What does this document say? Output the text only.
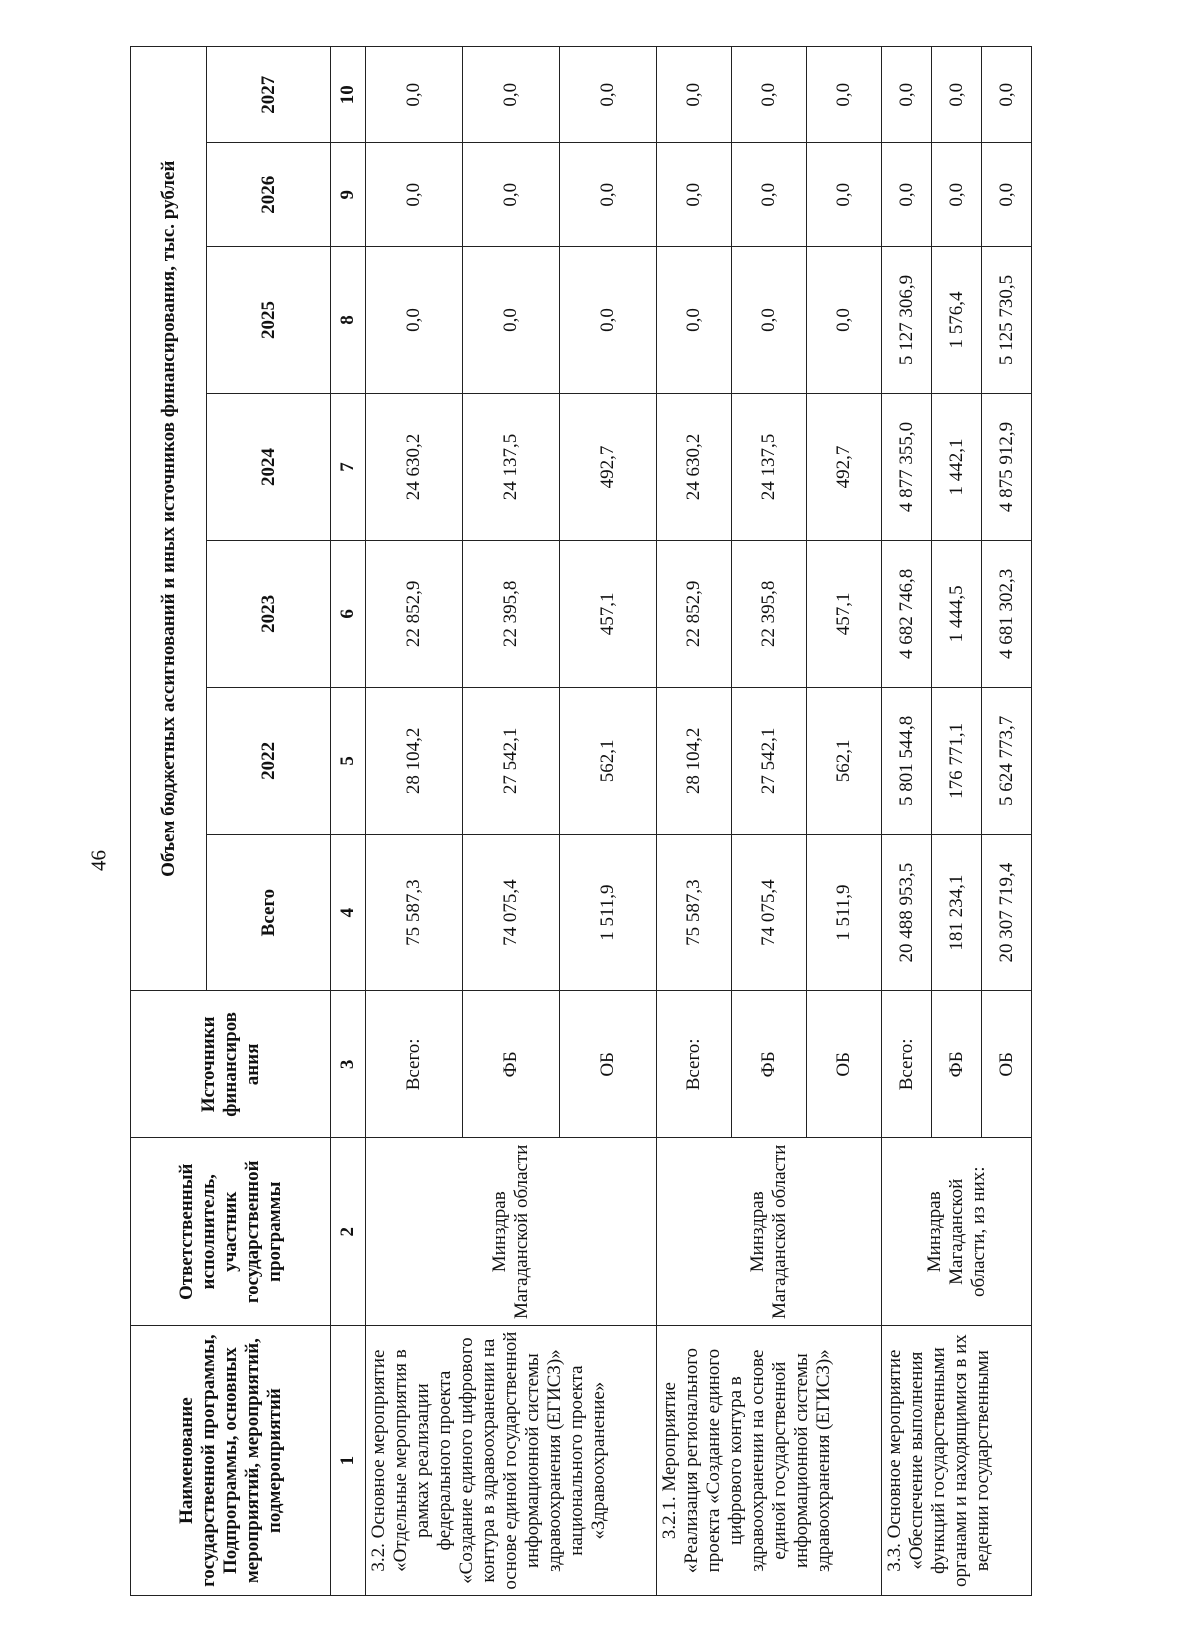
46
Наименование государственной программы, Подпрограммы, основных мероприятий, мероприятий, подмероприятий	Ответственный исполнитель, участник государственной программы	Источники финансиров ания	Объем бюджетных ассигнований и иных источников финансирования, тыс. рублей						
			Всего	2022	2023	2024	2025	2026	2027
1	2	3	4	5	6	7	8	9	10
3.2. Основное мероприятие «Отдельные мероприятия в рамках реализации федерального проекта «Создание единого цифрового контура в здравоохранении на основе единой государственной информационной системы здравоохранения (ЕГИСЗ)» национального проекта «Здравоохранение»	Минздрав Магаданской области	Всего:	75 587,3	28 104,2	22 852,9	24 630,2	0,0	0,0	0,0
		ФБ	74 075,4	27 542,1	22 395,8	24 137,5	0,0	0,0	0,0
		ОБ	1 511,9	562,1	457,1	492,7	0,0	0,0	0,0
3.2.1. Мероприятие «Реализация регионального проекта «Создание единого цифрового контура в здравоохранении на основе единой государственной информационной системы здравоохранения (ЕГИСЗ)»	Минздрав Магаданской области	Всего:	75 587,3	28 104,2	22 852,9	24 630,2	0,0	0,0	0,0
		ФБ	74 075,4	27 542,1	22 395,8	24 137,5	0,0	0,0	0,0
		ОБ	1 511,9	562,1	457,1	492,7	0,0	0,0	0,0
3.3. Основное мероприятие «Обеспечение выполнения функций государственными органами и находящимися в их ведении государственными	Минздрав Магаданской области, из них:	Всего:	20 488 953,5	5 801 544,8	4 682 746,8	4 877 355,0	5 127 306,9	0,0	0,0
		ФБ	181 234,1	176 771,1	1 444,5	1 442,1	1 576,4	0,0	0,0
		ОБ	20 307 719,4	5 624 773,7	4 681 302,3	4 875 912,9	5 125 730,5	0,0	0,0
